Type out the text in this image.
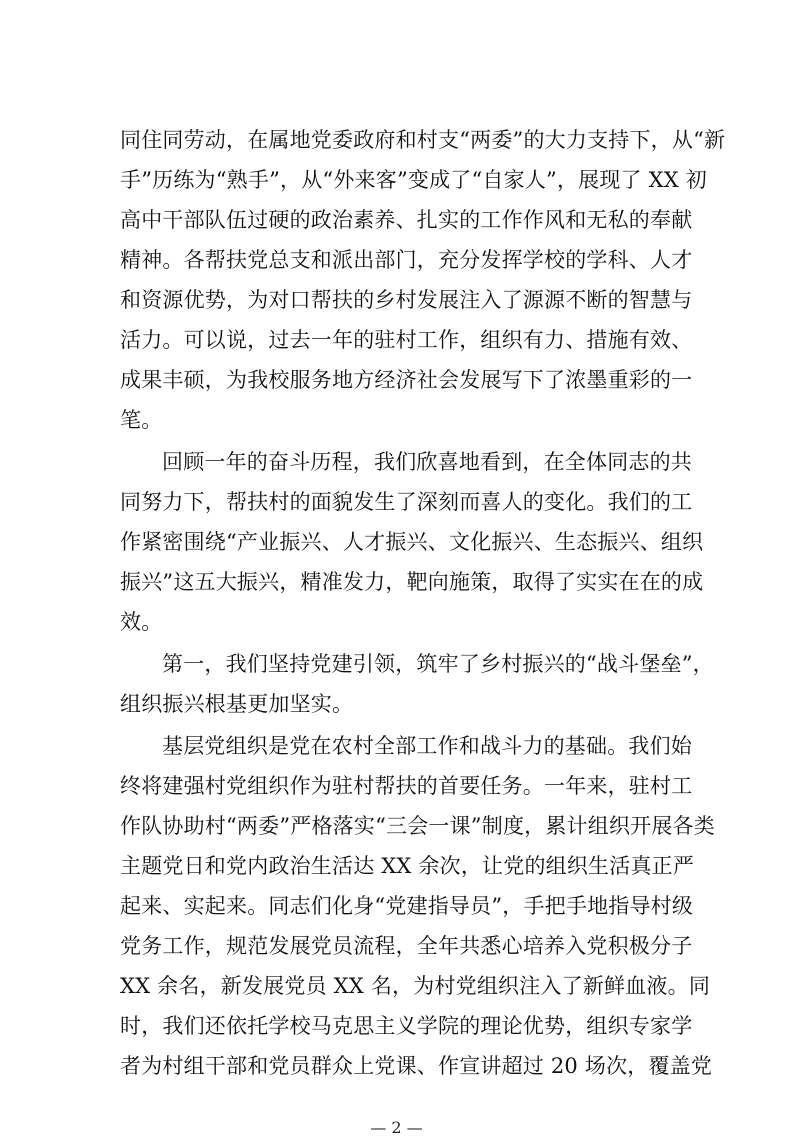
同住同劳动，在属地党委政府和村支“两委”的大力支持下，从“新
手”历练为“熟手”，从“外来客”变成了“自家人”，展现了 XX 初
高中干部队伍过硬的政治素养、扎实的工作作风和无私的奉献
精神。各帮扶党总支和派出部门，充分发挥学校的学科、人才
和资源优势，为对口帮扶的乡村发展注入了源源不断的智慧与
活力。可以说，过去一年的驻村工作，组织有力、措施有效、
成果丰硕，为我校服务地方经济社会发展写下了浓墨重彩的一
笔。
回顾一年的奋斗历程，我们欣喜地看到，在全体同志的共
同努力下，帮扶村的面貌发生了深刻而喜人的变化。我们的工
作紧密围绕“产业振兴、人才振兴、文化振兴、生态振兴、组织
振兴”这五大振兴，精准发力，靶向施策，取得了实实在在的成
效。
第一，我们坚持党建引领，筑牢了乡村振兴的“战斗堡垒”，
组织振兴根基更加坚实。
基层党组织是党在农村全部工作和战斗力的基础。我们始
终将建强村党组织作为驻村帮扶的首要任务。一年来，驻村工
作队协助村“两委”严格落实“三会一课”制度，累计组织开展各类
主题党日和党内政治生活达 XX 余次，让党的组织生活真正严
起来、实起来。同志们化身“党建指导员”，手把手地指导村级
党务工作，规范发展党员流程，全年共悉心培养入党积极分子
XX 余名，新发展党员 XX 名，为村党组织注入了新鲜血液。同
时，我们还依托学校马克思主义学院的理论优势，组织专家学
者为村组干部和党员群众上党课、作宣讲超过 20 场次，覆盖党
— 2 —
